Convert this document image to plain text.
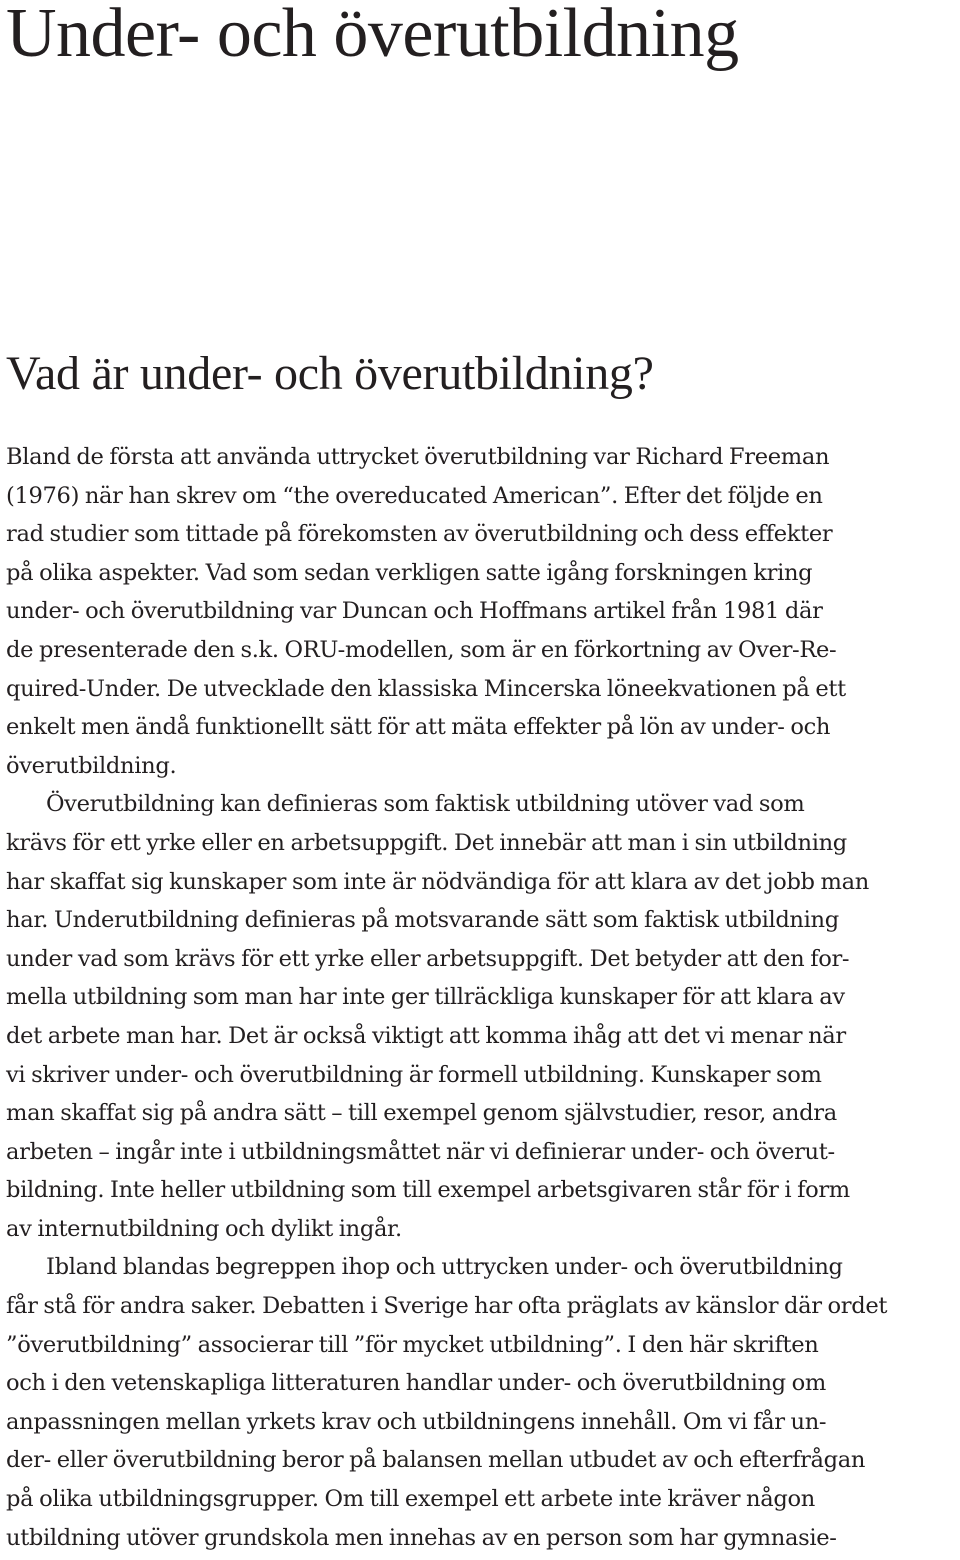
Under- och överutbildning
Vad är under- och överutbildning?
Bland de första att använda uttrycket överutbildning var Richard Freeman
(1976) när han skrev om “the overeducated American”. Efter det följde en
rad studier som tittade på förekomsten av överutbildning och dess effekter
på olika aspekter. Vad som sedan verkligen satte igång forskningen kring
under- och överutbildning var Duncan och Hoffmans artikel från 1981 där
de presenterade den s.k. ORU-modellen, som är en förkortning av Over-Re-
quired-Under. De utvecklade den klassiska Mincerska löneekvationen på ett
enkelt men ändå funktionellt sätt för att mäta effekter på lön av under- och
överutbildning.
Överutbildning kan definieras som faktisk utbildning utöver vad som
krävs för ett yrke eller en arbetsuppgift. Det innebär att man i sin utbildning
har skaffat sig kunskaper som inte är nödvändiga för att klara av det jobb man
har. Underutbildning definieras på motsvarande sätt som faktisk utbildning
under vad som krävs för ett yrke eller arbetsuppgift. Det betyder att den for-
mella utbildning som man har inte ger tillräckliga kunskaper för att klara av
det arbete man har. Det är också viktigt att komma ihåg att det vi menar när
vi skriver under- och överutbildning är formell utbildning. Kunskaper som
man skaffat sig på andra sätt – till exempel genom självstudier, resor, andra
arbeten – ingår inte i utbildningsmåttet när vi definierar under- och överut-
bildning. Inte heller utbildning som till exempel arbetsgivaren står för i form
av internutbildning och dylikt ingår.
Ibland blandas begreppen ihop och uttrycken under- och överutbildning
får stå för andra saker. Debatten i Sverige har ofta präglats av känslor där ordet
”överutbildning” associerar till ”för mycket utbildning”. I den här skriften
och i den vetenskapliga litteraturen handlar under- och överutbildning om
anpassningen mellan yrkets krav och utbildningens innehåll. Om vi får un-
der- eller överutbildning beror på balansen mellan utbudet av och efterfrågan
på olika utbildningsgrupper. Om till exempel ett arbete inte kräver någon
utbildning utöver grundskola men innehas av en person som har gymnasie-
